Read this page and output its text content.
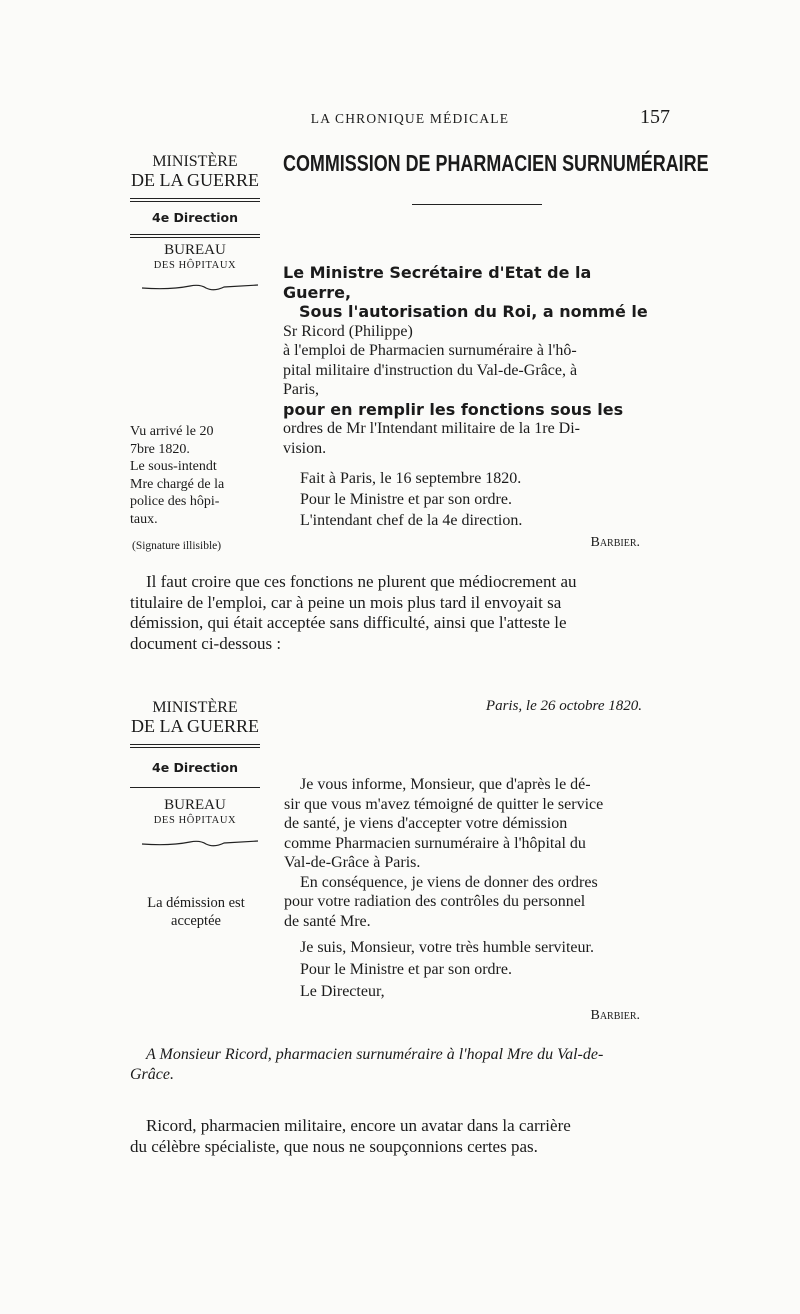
LA CHRONIQUE MÉDICALE	157
MINISTÈRE
DE LA GUERRE
4e Direction
BUREAU
DES HÔPITAUX
Vu arrivé le 20
7bre 1820.
Le sous-intendt
Mre chargé de la
police des hôpi-
taux.
(Signature illisible)
COMMISSION DE PHARMACIEN SURNUMÉRAIRE
Le Ministre Secrétaire d'Etat de la
Guerre,
Sous l'autorisation du Roi, a nommé le
Sr Ricord (Philippe)
à l'emploi de Pharmacien surnuméraire à l'hô-
pital militaire d'instruction du Val-de-Grâce, à
Paris,
pour en remplir les fonctions sous les
ordres de Mr l'Intendant militaire de la 1re Di-
vision.
Fait à Paris, le 16 septembre 1820.
Pour le Ministre et par son ordre.
L'intendant chef de la 4e direction.
Barbier.
Il faut croire que ces fonctions ne plurent que médiocrement au
titulaire de l'emploi, car à peine un mois plus tard il envoyait sa
démission, qui était acceptée sans difficulté, ainsi que l'atteste le
document ci-dessous :
MINISTÈRE
DE LA GUERRE
4e Direction
BUREAU
DES HÔPITAUX
La démission est
acceptée
Paris, le 26 octobre 1820.
Je vous informe, Monsieur, que d'après le dé-
sir que vous m'avez témoigné de quitter le service
de santé, je viens d'accepter votre démission
comme Pharmacien surnuméraire à l'hôpital du
Val-de-Grâce à Paris.
En conséquence, je viens de donner des ordres
pour votre radiation des contrôles du personnel
de santé Mre.
Je suis, Monsieur, votre très humble serviteur.
Pour le Ministre et par son ordre.
Le Directeur,
Barbier.
A Monsieur Ricord, pharmacien surnuméraire à l'hopal Mre du Val-de-
Grâce.
Ricord, pharmacien militaire, encore un avatar dans la carrière
du célèbre spécialiste, que nous ne soupçonnions certes pas.
